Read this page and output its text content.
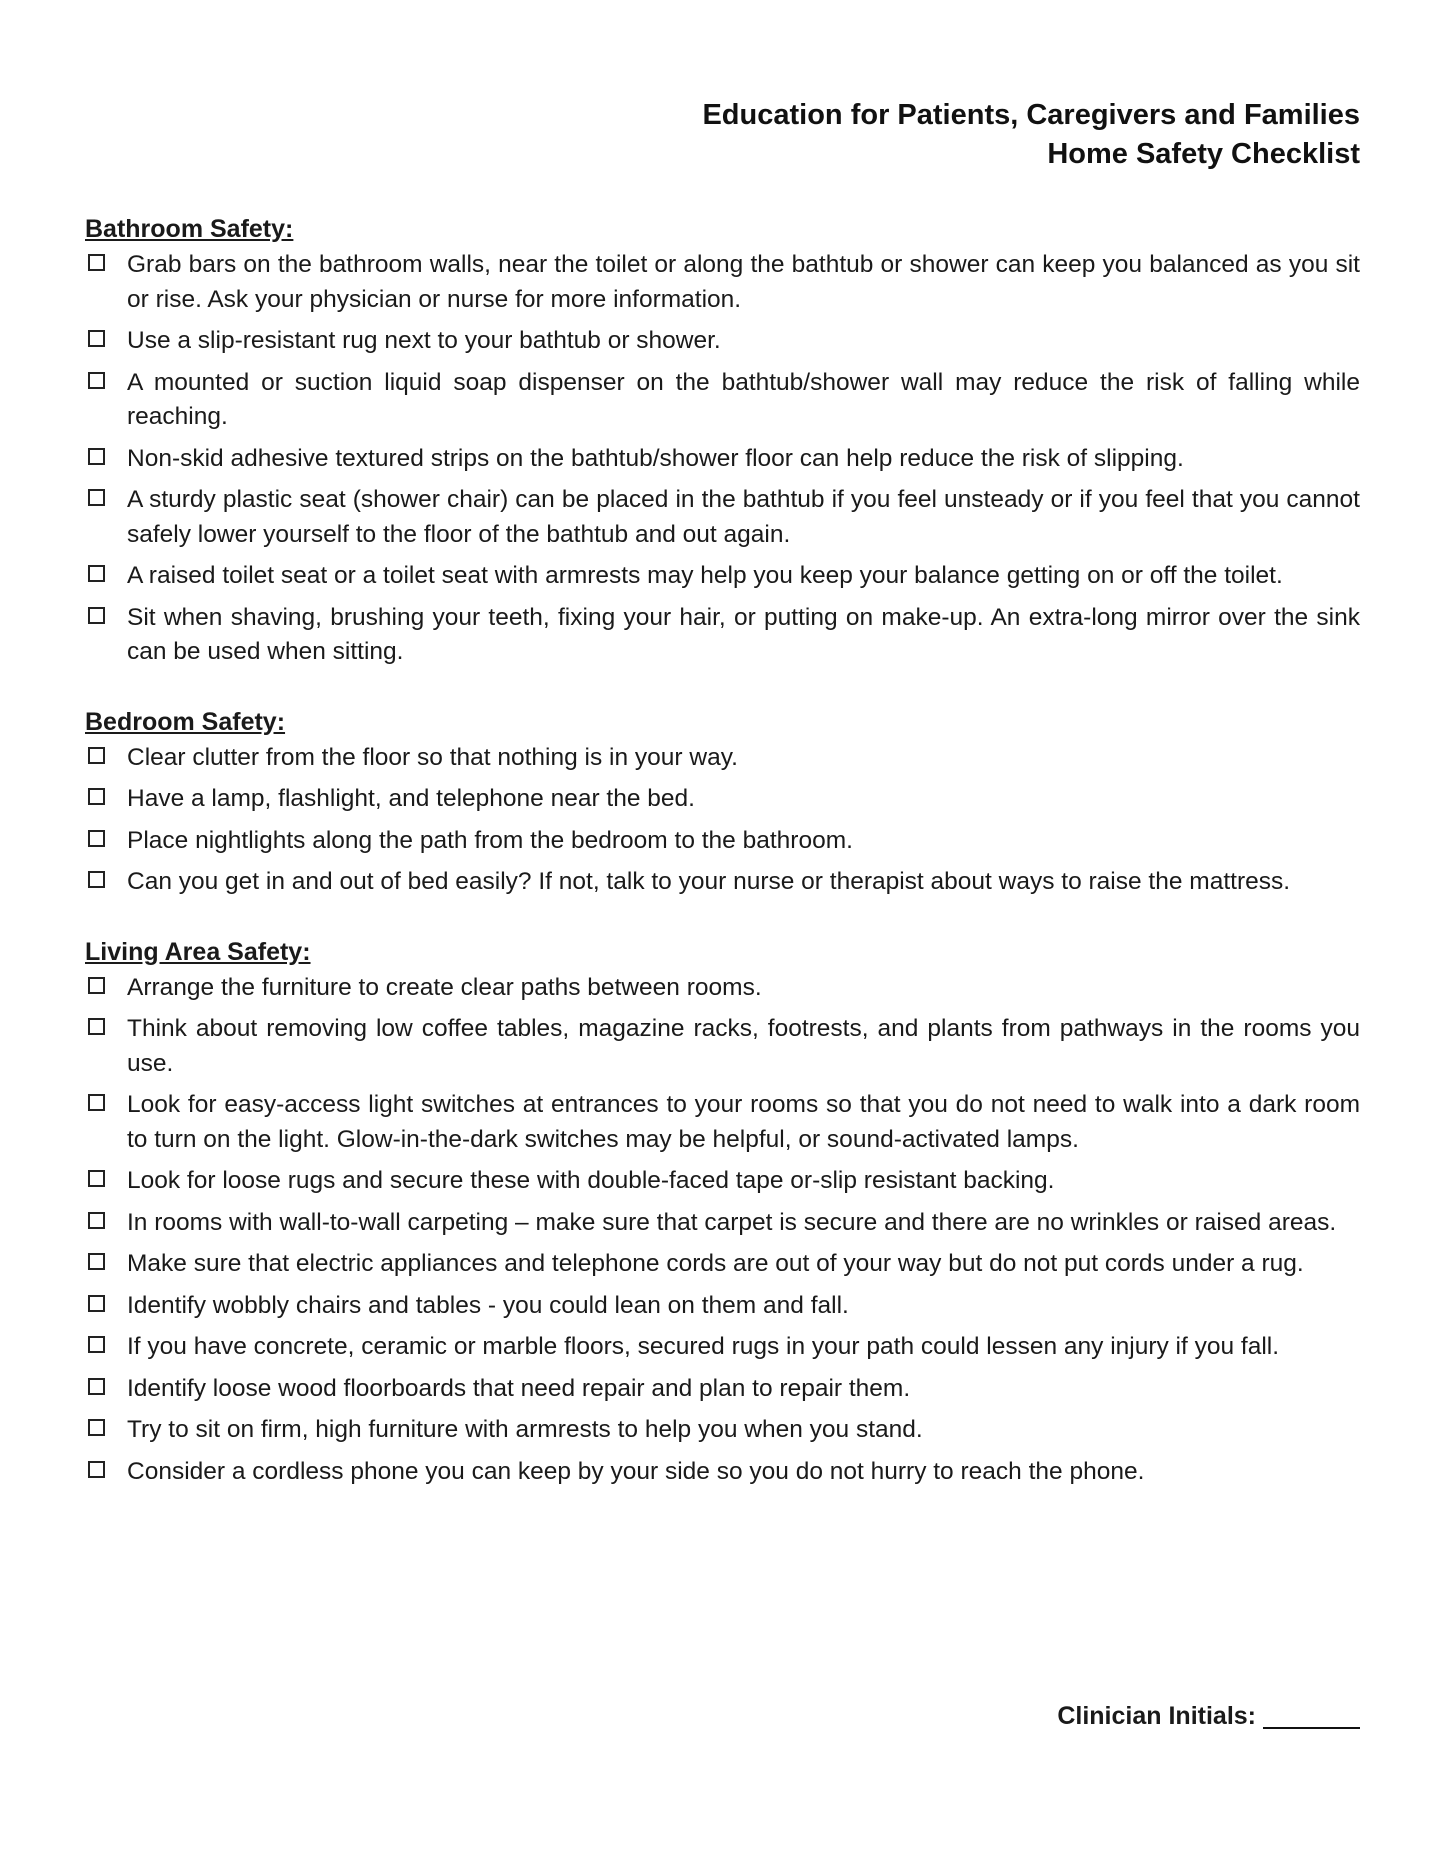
Education for Patients, Caregivers and Families
Home Safety Checklist
Bathroom Safety:
Grab bars on the bathroom walls, near the toilet or along the bathtub or shower can keep you balanced as you sit or rise. Ask your physician or nurse for more information.
Use a slip-resistant rug next to your bathtub or shower.
A mounted or suction liquid soap dispenser on the bathtub/shower wall may reduce the risk of falling while reaching.
Non-skid adhesive textured strips on the bathtub/shower floor can help reduce the risk of slipping.
A sturdy plastic seat (shower chair) can be placed in the bathtub if you feel unsteady or if you feel that you cannot safely lower yourself to the floor of the bathtub and out again.
A raised toilet seat or a toilet seat with armrests may help you keep your balance getting on or off the toilet.
Sit when shaving, brushing your teeth, fixing your hair, or putting on make-up. An extra-long mirror over the sink can be used when sitting.
Bedroom Safety:
Clear clutter from the floor so that nothing is in your way.
Have a lamp, flashlight, and telephone near the bed.
Place nightlights along the path from the bedroom to the bathroom.
Can you get in and out of bed easily? If not, talk to your nurse or therapist about ways to raise the mattress.
Living Area Safety:
Arrange the furniture to create clear paths between rooms.
Think about removing low coffee tables, magazine racks, footrests, and plants from pathways in the rooms you use.
Look for easy-access light switches at entrances to your rooms so that you do not need to walk into a dark room to turn on the light. Glow-in-the-dark switches may be helpful, or sound-activated lamps.
Look for loose rugs and secure these with double-faced tape or-slip resistant backing.
In rooms with wall-to-wall carpeting – make sure that carpet is secure and there are no wrinkles or raised areas.
Make sure that electric appliances and telephone cords are out of your way but do not put cords under a rug.
Identify wobbly chairs and tables - you could lean on them and fall.
If you have concrete, ceramic or marble floors, secured rugs in your path could lessen any injury if you fall.
Identify loose wood floorboards that need repair and plan to repair them.
Try to sit on firm, high furniture with armrests to help you when you stand.
Consider a cordless phone you can keep by your side so you do not hurry to reach the phone.
Clinician Initials:
